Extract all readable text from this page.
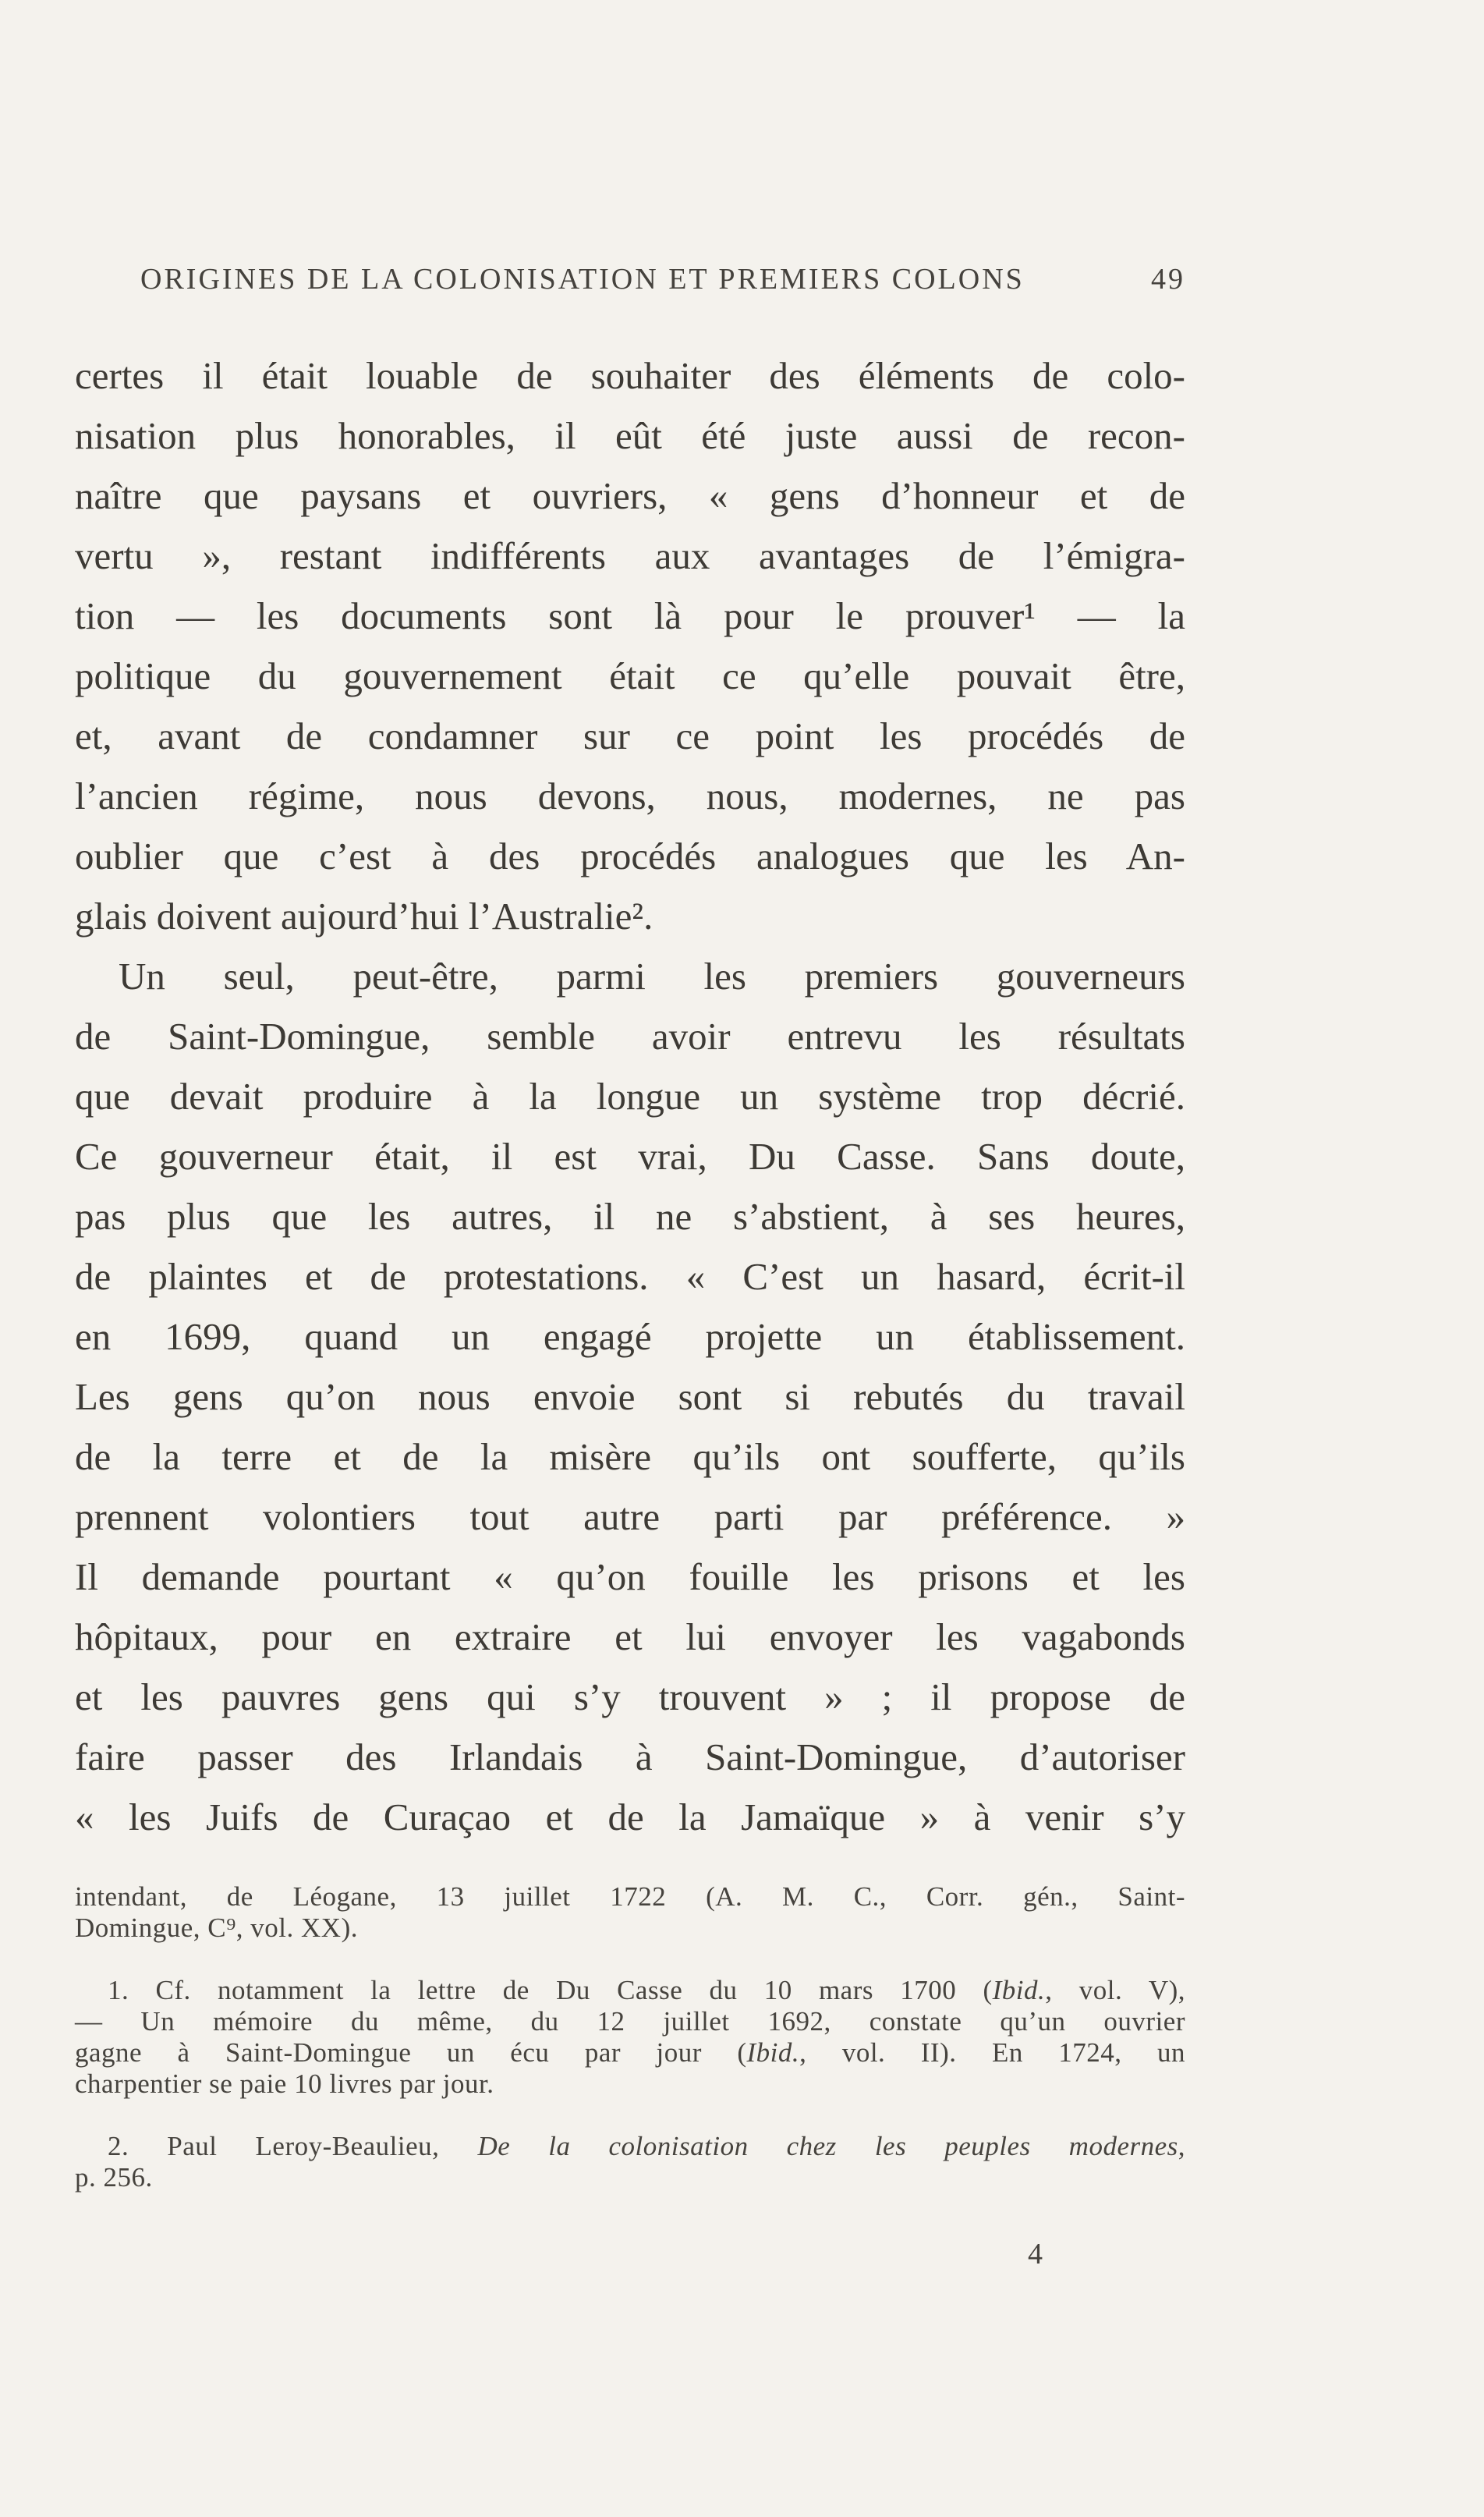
ORIGINES DE LA COLONISATION ET PREMIERS COLONS	49
certes il était louable de souhaiter des éléments de colo-
nisation plus honorables, il eût été juste aussi de recon-
naître que paysans et ouvriers, « gens d’honneur et de
vertu », restant indifférents aux avantages de l’émigra-
tion — les documents sont là pour le prouver¹ — la
politique du gouvernement était ce qu’elle pouvait être,
et, avant de condamner sur ce point les procédés de
l’ancien régime, nous devons, nous, modernes, ne pas
oublier que c’est à des procédés analogues que les An-
glais doivent aujourd’hui l’Australie².
Un seul, peut-être, parmi les premiers gouverneurs
de Saint-Domingue, semble avoir entrevu les résultats
que devait produire à la longue un système trop décrié.
Ce gouverneur était, il est vrai, Du Casse. Sans doute,
pas plus que les autres, il ne s’abstient, à ses heures,
de plaintes et de protestations. « C’est un hasard, écrit-il
en 1699, quand un engagé projette un établissement.
Les gens qu’on nous envoie sont si rebutés du travail
de la terre et de la misère qu’ils ont soufferte, qu’ils
prennent volontiers tout autre parti par préférence. »
Il demande pourtant « qu’on fouille les prisons et les
hôpitaux, pour en extraire et lui envoyer les vagabonds
et les pauvres gens qui s’y trouvent » ; il propose de
faire passer des Irlandais à Saint-Domingue, d’autoriser
« les Juifs de Curaçao et de la Jamaïque » à venir s’y
intendant, de Léogane, 13 juillet 1722 (A. M. C., Corr. gén., Saint-
Domingue, C⁹, vol. XX).
1. Cf. notamment la lettre de Du Casse du 10 mars 1700 (Ibid., vol. V),
— Un mémoire du même, du 12 juillet 1692, constate qu’un ouvrier
gagne à Saint-Domingue un écu par jour (Ibid., vol. II). En 1724, un
charpentier se paie 10 livres par jour.
2. Paul Leroy-Beaulieu, De la colonisation chez les peuples modernes,
p. 256.
4
